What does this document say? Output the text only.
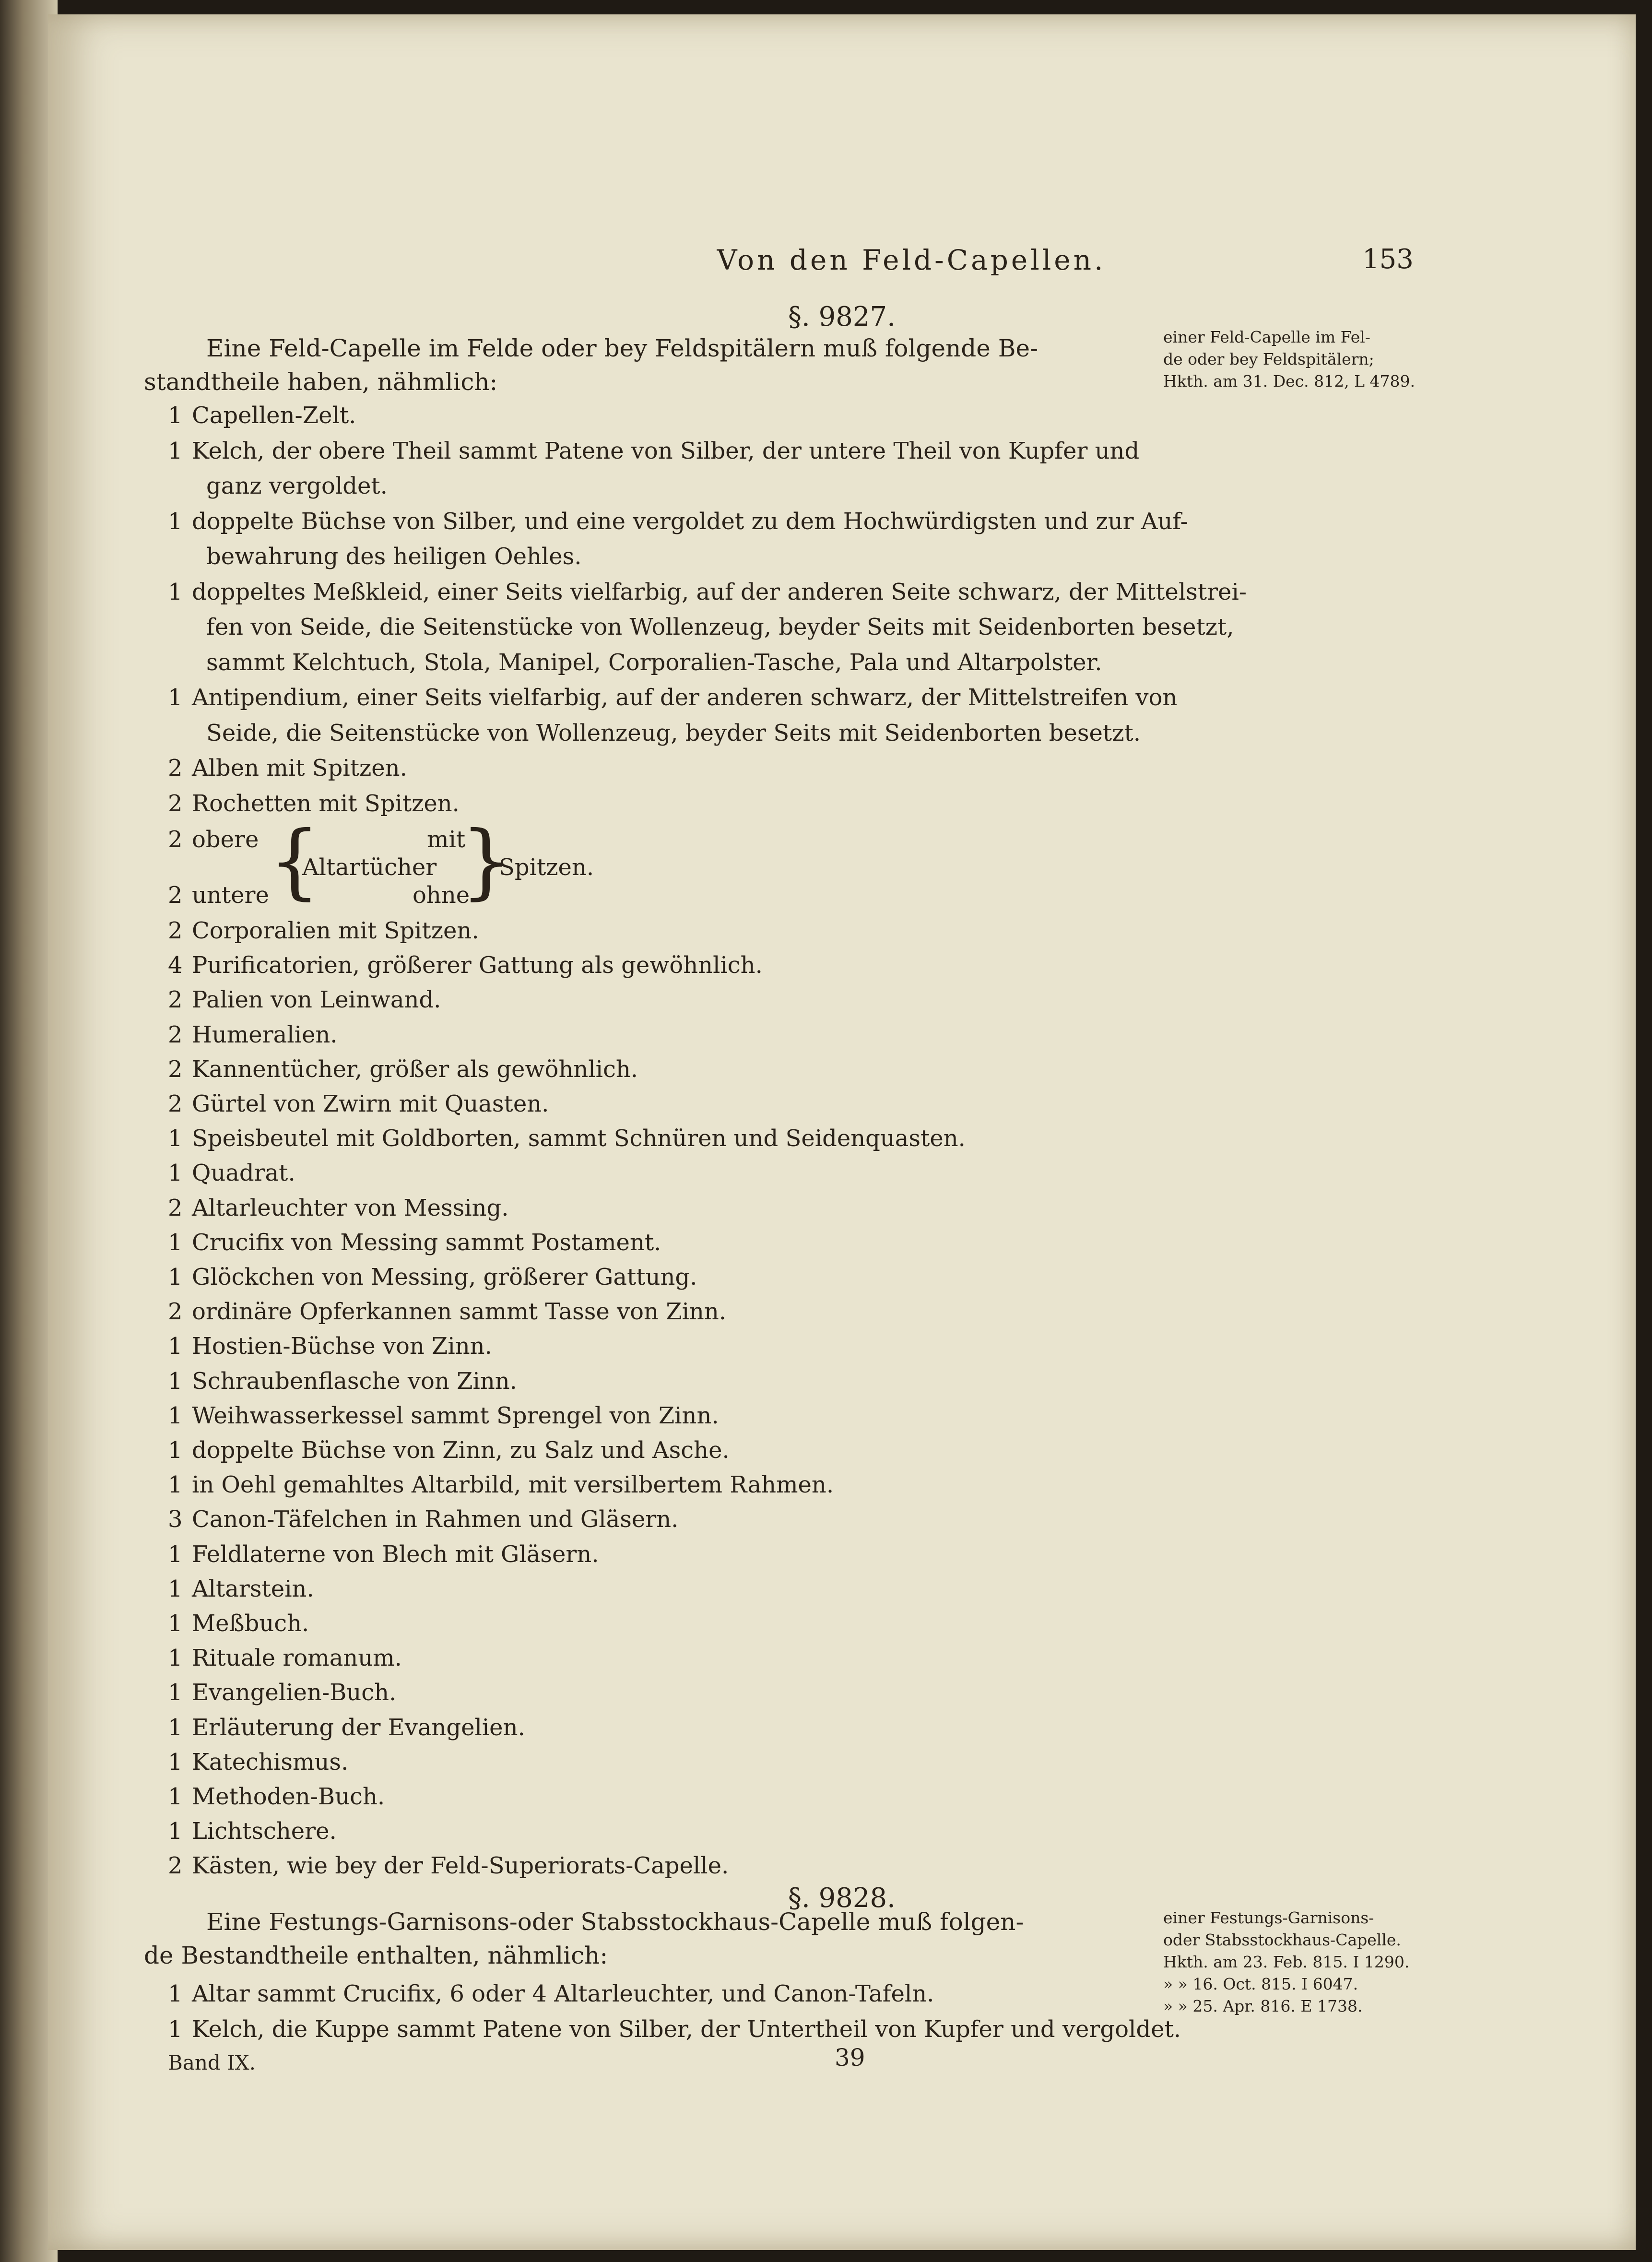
Von den Feld-Capellen.	153
§. 9827.
Eine Feld-Capelle im Felde oder bey Feldspitälern muß folgende Be-
standtheile haben, nähmlich:
einer Feld-Capelle im Fel-
de oder bey Feldspitälern;
Hkth. am 31. Dec. 812, L 4789.
1 Capellen-Zelt.
1 Kelch, der obere Theil sammt Patene von Silber, der untere Theil von Kupfer und
ganz vergoldet.
1 doppelte Büchse von Silber, und eine vergoldet zu dem Hochwürdigsten und zur Auf-
bewahrung des heiligen Oehles.
1 doppeltes Meßkleid, einer Seits vielfarbig, auf der anderen Seite schwarz, der Mittelstrei-
fen von Seide, die Seitenstücke von Wollenzeug, beyder Seits mit Seidenborten besetzt,
sammt Kelchtuch, Stola, Manipel, Corporalien-Tasche, Pala und Altarpolster.
1 Antipendium, einer Seits vielfarbig, auf der anderen schwarz, der Mittelstreifen von
Seide, die Seitenstücke von Wollenzeug, beyder Seits mit Seidenborten besetzt.
2 Alben mit Spitzen.
2 Rochetten mit Spitzen.
2 obere
2 untere {
Altartücher
mit
ohne
}
Spitzen.
2 Corporalien mit Spitzen.
4 Purificatorien, größerer Gattung als gewöhnlich.
2 Palien von Leinwand.
2 Humeralien.
2 Kannentücher, größer als gewöhnlich.
2 Gürtel von Zwirn mit Quasten.
1 Speisbeutel mit Goldborten, sammt Schnüren und Seidenquasten.
1 Quadrat.
2 Altarleuchter von Messing.
1 Crucifix von Messing sammt Postament.
1 Glöckchen von Messing, größerer Gattung.
2 ordinäre Opferkannen sammt Tasse von Zinn.
1 Hostien-Büchse von Zinn.
1 Schraubenflasche von Zinn.
1 Weihwasserkessel sammt Sprengel von Zinn.
1 doppelte Büchse von Zinn, zu Salz und Asche.
1 in Oehl gemahltes Altarbild, mit versilbertem Rahmen.
3 Canon-Täfelchen in Rahmen und Gläsern.
1 Feldlaterne von Blech mit Gläsern.
1 Altarstein.
1 Meßbuch.
1 Rituale romanum.
1 Evangelien-Buch.
1 Erläuterung der Evangelien.
1 Katechismus.
1 Methoden-Buch.
1 Lichtschere.
2 Kästen, wie bey der Feld-Superiorats-Capelle.
§. 9828.
Eine Festungs-Garnisons-oder Stabsstockhaus-Capelle muß folgen-
de Bestandtheile enthalten, nähmlich:
1 Altar sammt Crucifix, 6 oder 4 Altarleuchter, und Canon-Tafeln.
1 Kelch, die Kuppe sammt Patene von Silber, der Untertheil von Kupfer und vergoldet.
einer Festungs-Garnisons-
oder Stabsstockhaus-Capelle.
Hkth. am 23. Feb. 815. I 1290.
» » 16. Oct. 815. I 6047.
» » 25. Apr. 816. E 1738.
Band IX.	39
